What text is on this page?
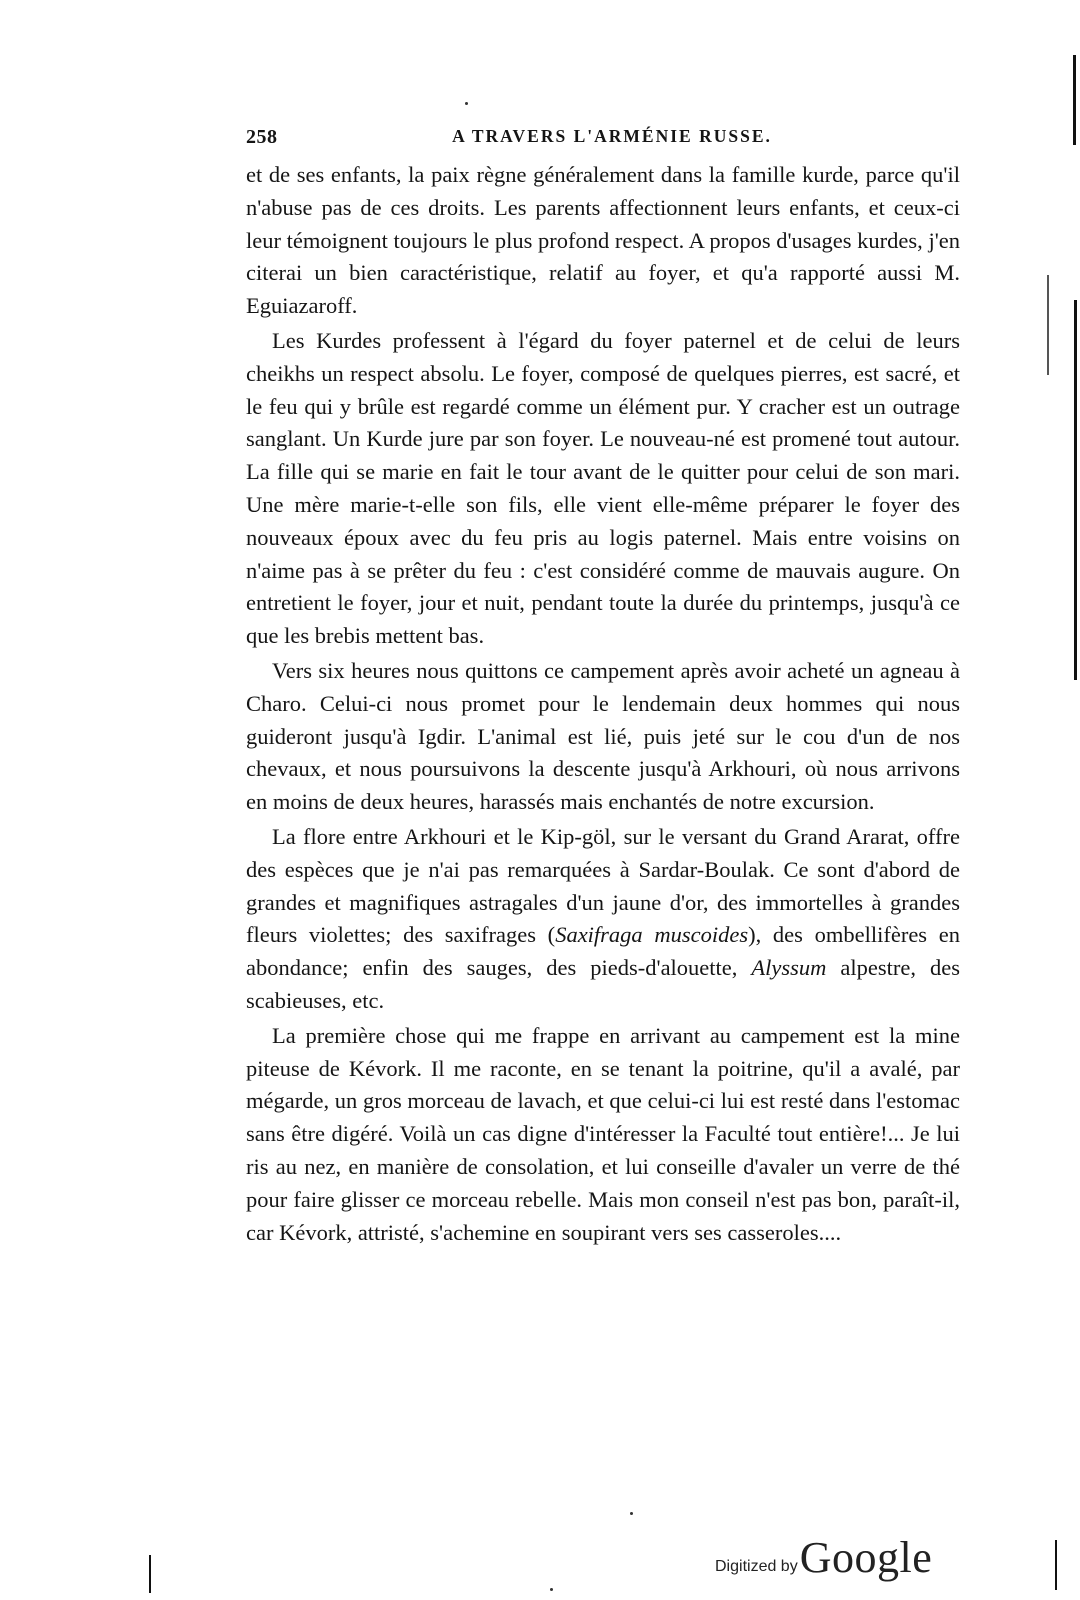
258	A TRAVERS L'ARMÉNIE RUSSE.

et de ses enfants, la paix règne généralement dans la famille kurde, parce qu'il n'abuse pas de ces droits. Les parents affectionnent leurs enfants, et ceux-ci leur témoignent toujours le plus profond respect. A propos d'usages kurdes, j'en citerai un bien caractéristique, relatif au foyer, et qu'a rapporté aussi M. Eguiazaroff.

Les Kurdes professent à l'égard du foyer paternel et de celui de leurs cheikhs un respect absolu. Le foyer, composé de quelques pierres, est sacré, et le feu qui y brûle est regardé comme un élément pur. Y cracher est un outrage sanglant. Un Kurde jure par son foyer. Le nouveau-né est promené tout autour. La fille qui se marie en fait le tour avant de le quitter pour celui de son mari. Une mère marie-t-elle son fils, elle vient elle-même préparer le foyer des nouveaux époux avec du feu pris au logis paternel. Mais entre voisins on n'aime pas à se prêter du feu : c'est considéré comme de mauvais augure. On entretient le foyer, jour et nuit, pendant toute la durée du printemps, jusqu'à ce que les brebis mettent bas.

Vers six heures nous quittons ce campement après avoir acheté un agneau à Charo. Celui-ci nous promet pour le lendemain deux hommes qui nous guideront jusqu'à Igdir. L'animal est lié, puis jeté sur le cou d'un de nos chevaux, et nous poursuivons la descente jusqu'à Arkhouri, où nous arrivons en moins de deux heures, harassés mais enchantés de notre excursion.

La flore entre Arkhouri et le Kip-göl, sur le versant du Grand Ararat, offre des espèces que je n'ai pas remarquées à Sardar-Boulak. Ce sont d'abord de grandes et magnifiques astragales d'un jaune d'or, des immortelles à grandes fleurs violettes; des saxifrages (Saxifraga muscoides), des ombellifères en abondance; enfin des sauges, des pieds-d'alouette, Alyssum alpestre, des scabieuses, etc.

La première chose qui me frappe en arrivant au campement est la mine piteuse de Kévork. Il me raconte, en se tenant la poitrine, qu'il a avalé, par mégarde, un gros morceau de lavach, et que celui-ci lui est resté dans l'estomac sans être digéré. Voilà un cas digne d'intéresser la Faculté tout entière!... Je lui ris au nez, en manière de consolation, et lui conseille d'avaler un verre de thé pour faire glisser ce morceau rebelle. Mais mon conseil n'est pas bon, paraît-il, car Kévork, attristé, s'achemine en soupirant vers ses casseroles....

Digitized by Google
